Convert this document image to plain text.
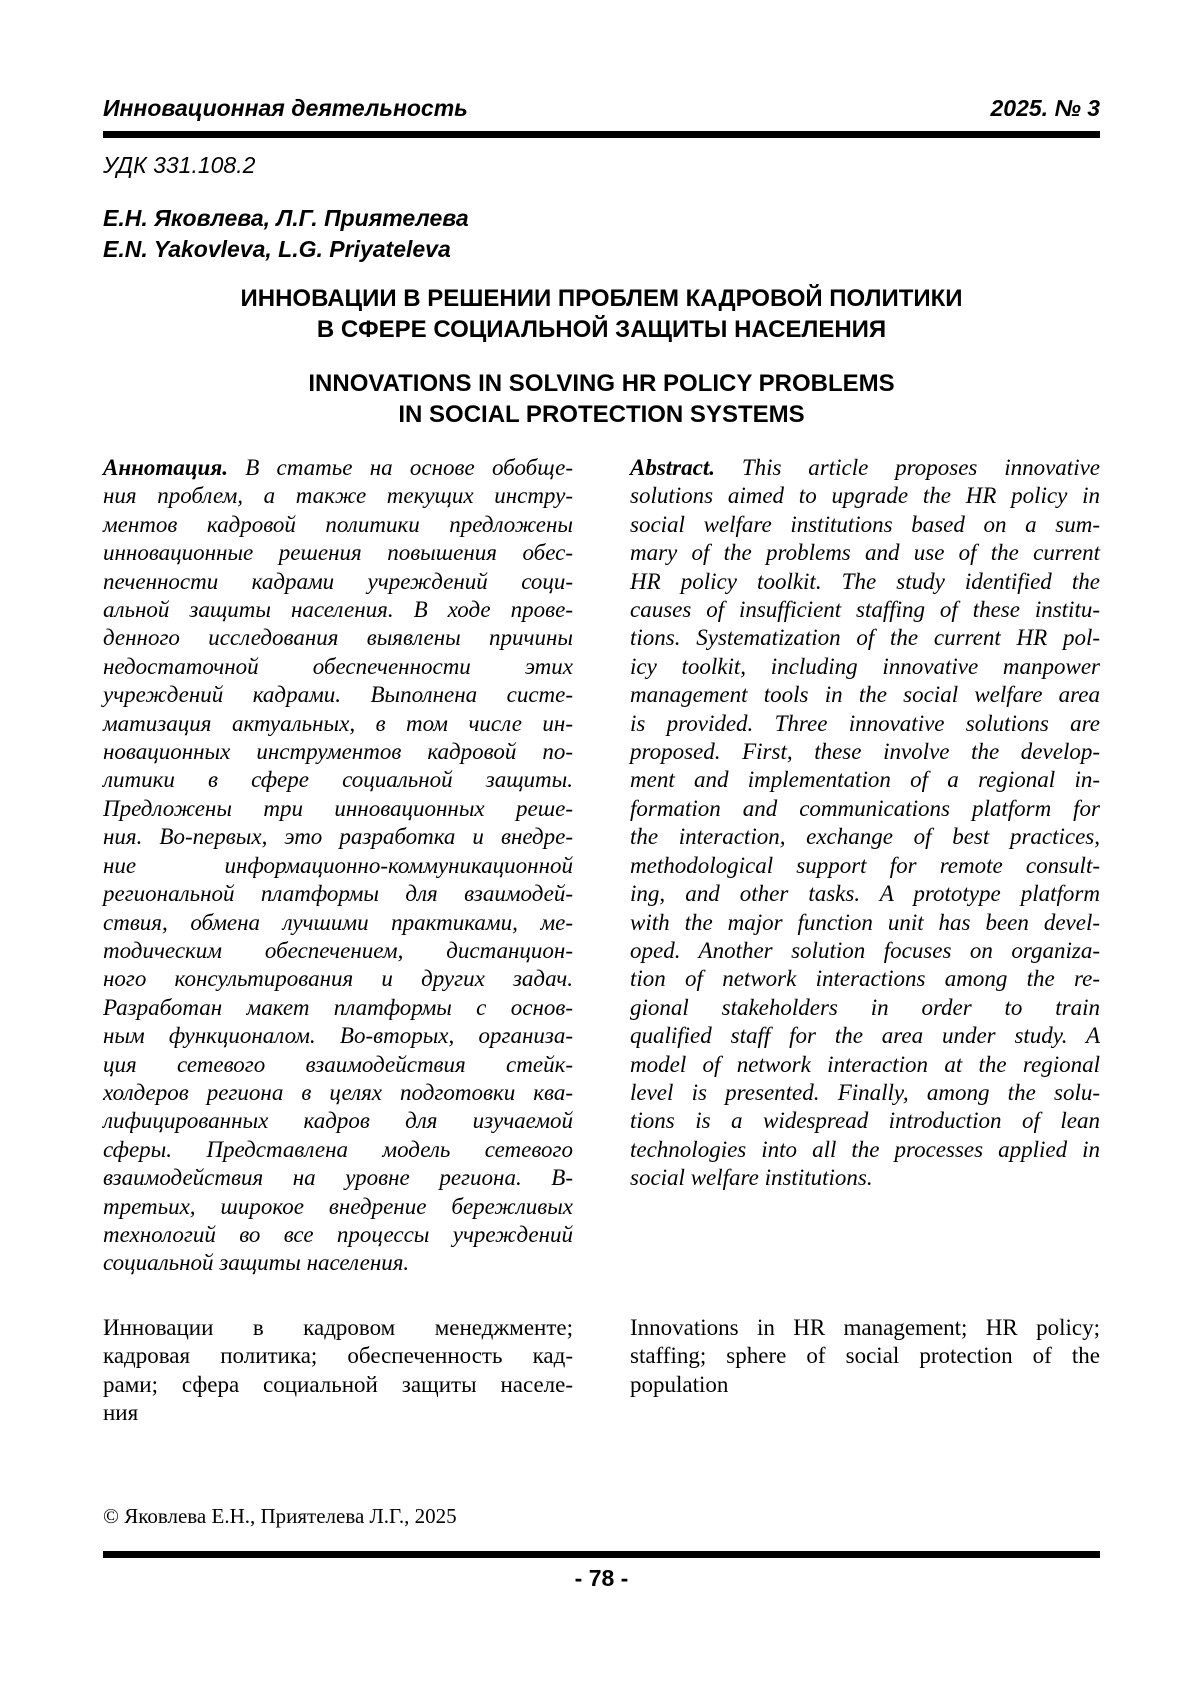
Инновационная деятельность	2025. № 3
УДК 331.108.2
Е.Н. Яковлева, Л.Г. Приятелева
E.N. Yakovleva, L.G. Priyateleva
ИННОВАЦИИ В РЕШЕНИИ ПРОБЛЕМ КАДРОВОЙ ПОЛИТИКИ
В СФЕРЕ СОЦИАЛЬНОЙ ЗАЩИТЫ НАСЕЛЕНИЯ
INNOVATIONS IN SOLVING HR POLICY PROBLEMS
IN SOCIAL PROTECTION SYSTEMS
Аннотация. В статье на основе обобще-
ния проблем, а также текущих инстру-
ментов кадровой политики предложены
инновационные решения повышения обес-
печенности кадрами учреждений соци-
альной защиты населения. В ходе прове-
денного исследования выявлены причины
недостаточной обеспеченности этих
учреждений кадрами. Выполнена систе-
матизация актуальных, в том числе ин-
новационных инструментов кадровой по-
литики в сфере социальной защиты.
Предложены три инновационных реше-
ния. Во-первых, это разработка и внедре-
ние информационно-коммуникационной
региональной платформы для взаимодей-
ствия, обмена лучшими практиками, ме-
тодическим обеспечением, дистанцион-
ного консультирования и других задач.
Разработан макет платформы с основ-
ным функционалом. Во-вторых, организа-
ция сетевого взаимодействия стейк-
холдеров региона в целях подготовки ква-
лифицированных кадров для изучаемой
сферы. Представлена модель сетевого
взаимодействия на уровне региона. В-
третьих, широкое внедрение бережливых
технологий во все процессы учреждений
социальной защиты населения.
Abstract. This article proposes innovative
solutions aimed to upgrade the HR policy in
social welfare institutions based on a sum-
mary of the problems and use of the current
HR policy toolkit. The study identified the
causes of insufficient staffing of these institu-
tions. Systematization of the current HR pol-
icy toolkit, including innovative manpower
management tools in the social welfare area
is provided. Three innovative solutions are
proposed. First, these involve the develop-
ment and implementation of a regional in-
formation and communications platform for
the interaction, exchange of best practices,
methodological support for remote consult-
ing, and other tasks. A prototype platform
with the major function unit has been devel-
oped. Another solution focuses on organiza-
tion of network interactions among the re-
gional stakeholders in order to train
qualified staff for the area under study. A
model of network interaction at the regional
level is presented. Finally, among the solu-
tions is a widespread introduction of lean
technologies into all the processes applied in
social welfare institutions.
Инновации в кадровом менеджменте;
кадровая политика; обеспеченность кад-
рами; сфера социальной защиты населе-
ния
Innovations in HR management; HR policy;
staffing; sphere of social protection of the
population
© Яковлева Е.Н., Приятелева Л.Г., 2025
- 78 -
